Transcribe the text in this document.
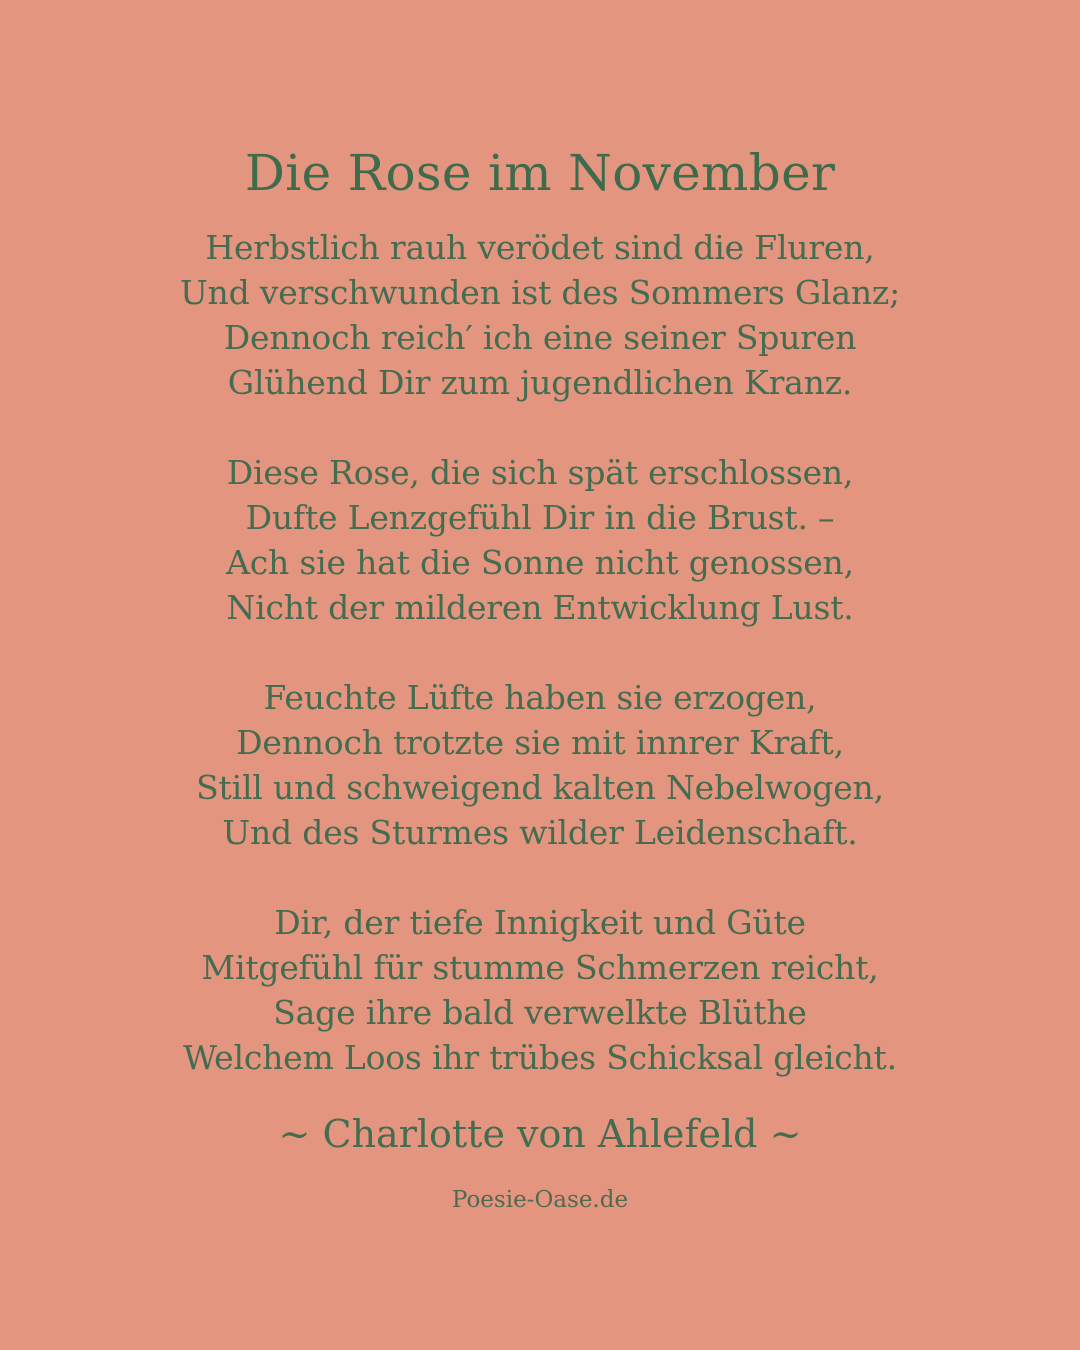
Die Rose im November
Herbstlich rauh verödet sind die Fluren,
Und verschwunden ist des Sommers Glanz;
Dennoch reich′ ich eine seiner Spuren
Glühend Dir zum jugendlichen Kranz.
Diese Rose, die sich spät erschlossen,
Dufte Lenzgefühl Dir in die Brust. –
Ach sie hat die Sonne nicht genossen,
Nicht der milderen Entwicklung Lust.
Feuchte Lüfte haben sie erzogen,
Dennoch trotzte sie mit innrer Kraft,
Still und schweigend kalten Nebelwogen,
Und des Sturmes wilder Leidenschaft.
Dir, der tiefe Innigkeit und Güte
Mitgefühl für stumme Schmerzen reicht,
Sage ihre bald verwelkte Blüthe
Welchem Loos ihr trübes Schicksal gleicht.
~ Charlotte von Ahlefeld ~
Poesie-Oase.de
